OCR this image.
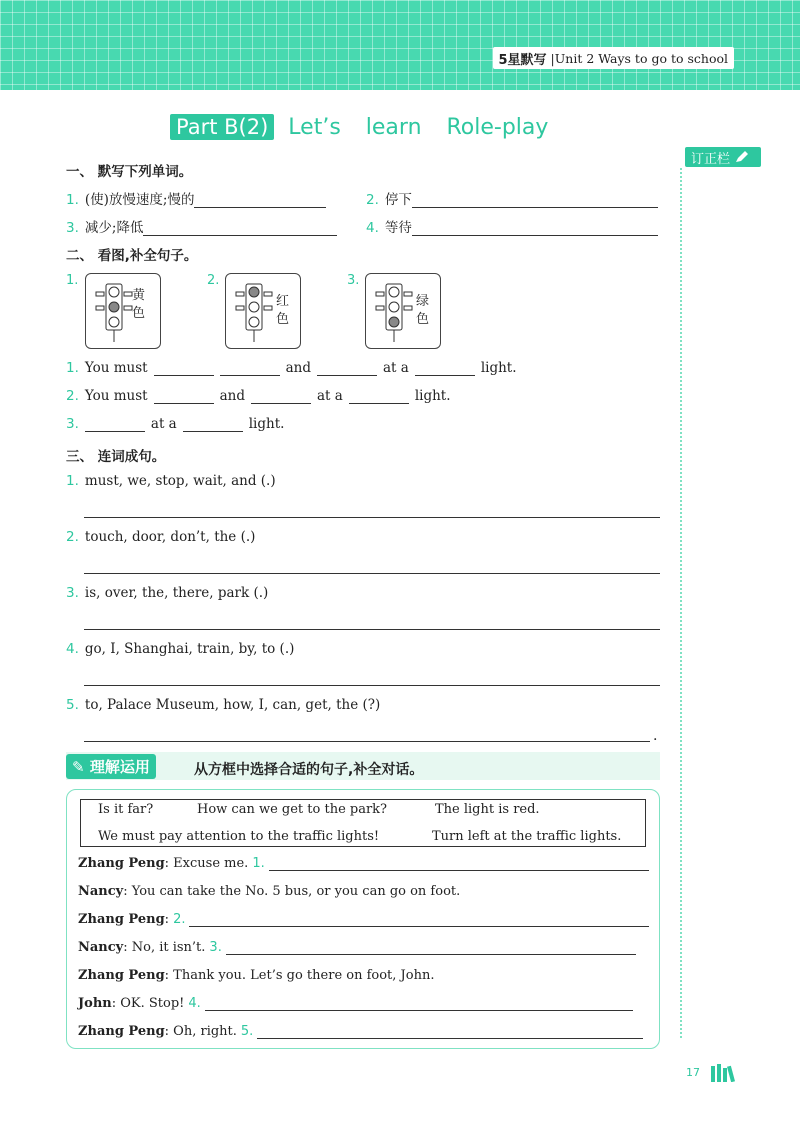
5星默写 |Unit 2 Ways to go to school
Part B(2) Let’s learn Role-play
订正栏
一、 默写下列单词。
1. (使)放慢速度;慢的	2. 停下
3. 减少;降低	4. 等待
二、 看图,补全句子。
1.
黄
色
2.
红
色
3.
绿
色
1. You must	and	at a	light.
2. You must	and	at a	light.
3.	at a	light.
三、 连词成句。
1. must, we, stop, wait, and (.)
2. touch, door, don’t, the (.)
3. is, over, the, there, park (.)
4. go, I, Shanghai, train, by, to (.)
5. to, Palace Museum, how, I, can, get, the (?)
.
✎ 理解运用	从方框中选择合适的句子,补全对话。
Is it far?	How can we get to the park?	The light is red.
We must pay attention to the traffic lights!	Turn left at the traffic lights.
Zhang Peng : Excuse me. 1.
Nancy : You can take the No. 5 bus, or you can go on foot.
Zhang Peng : 2.
Nancy : No, it isn’t. 3.
Zhang Peng : Thank you. Let’s go there on foot, John.
John : OK. Stop! 4.
Zhang Peng : Oh, right. 5.
17
